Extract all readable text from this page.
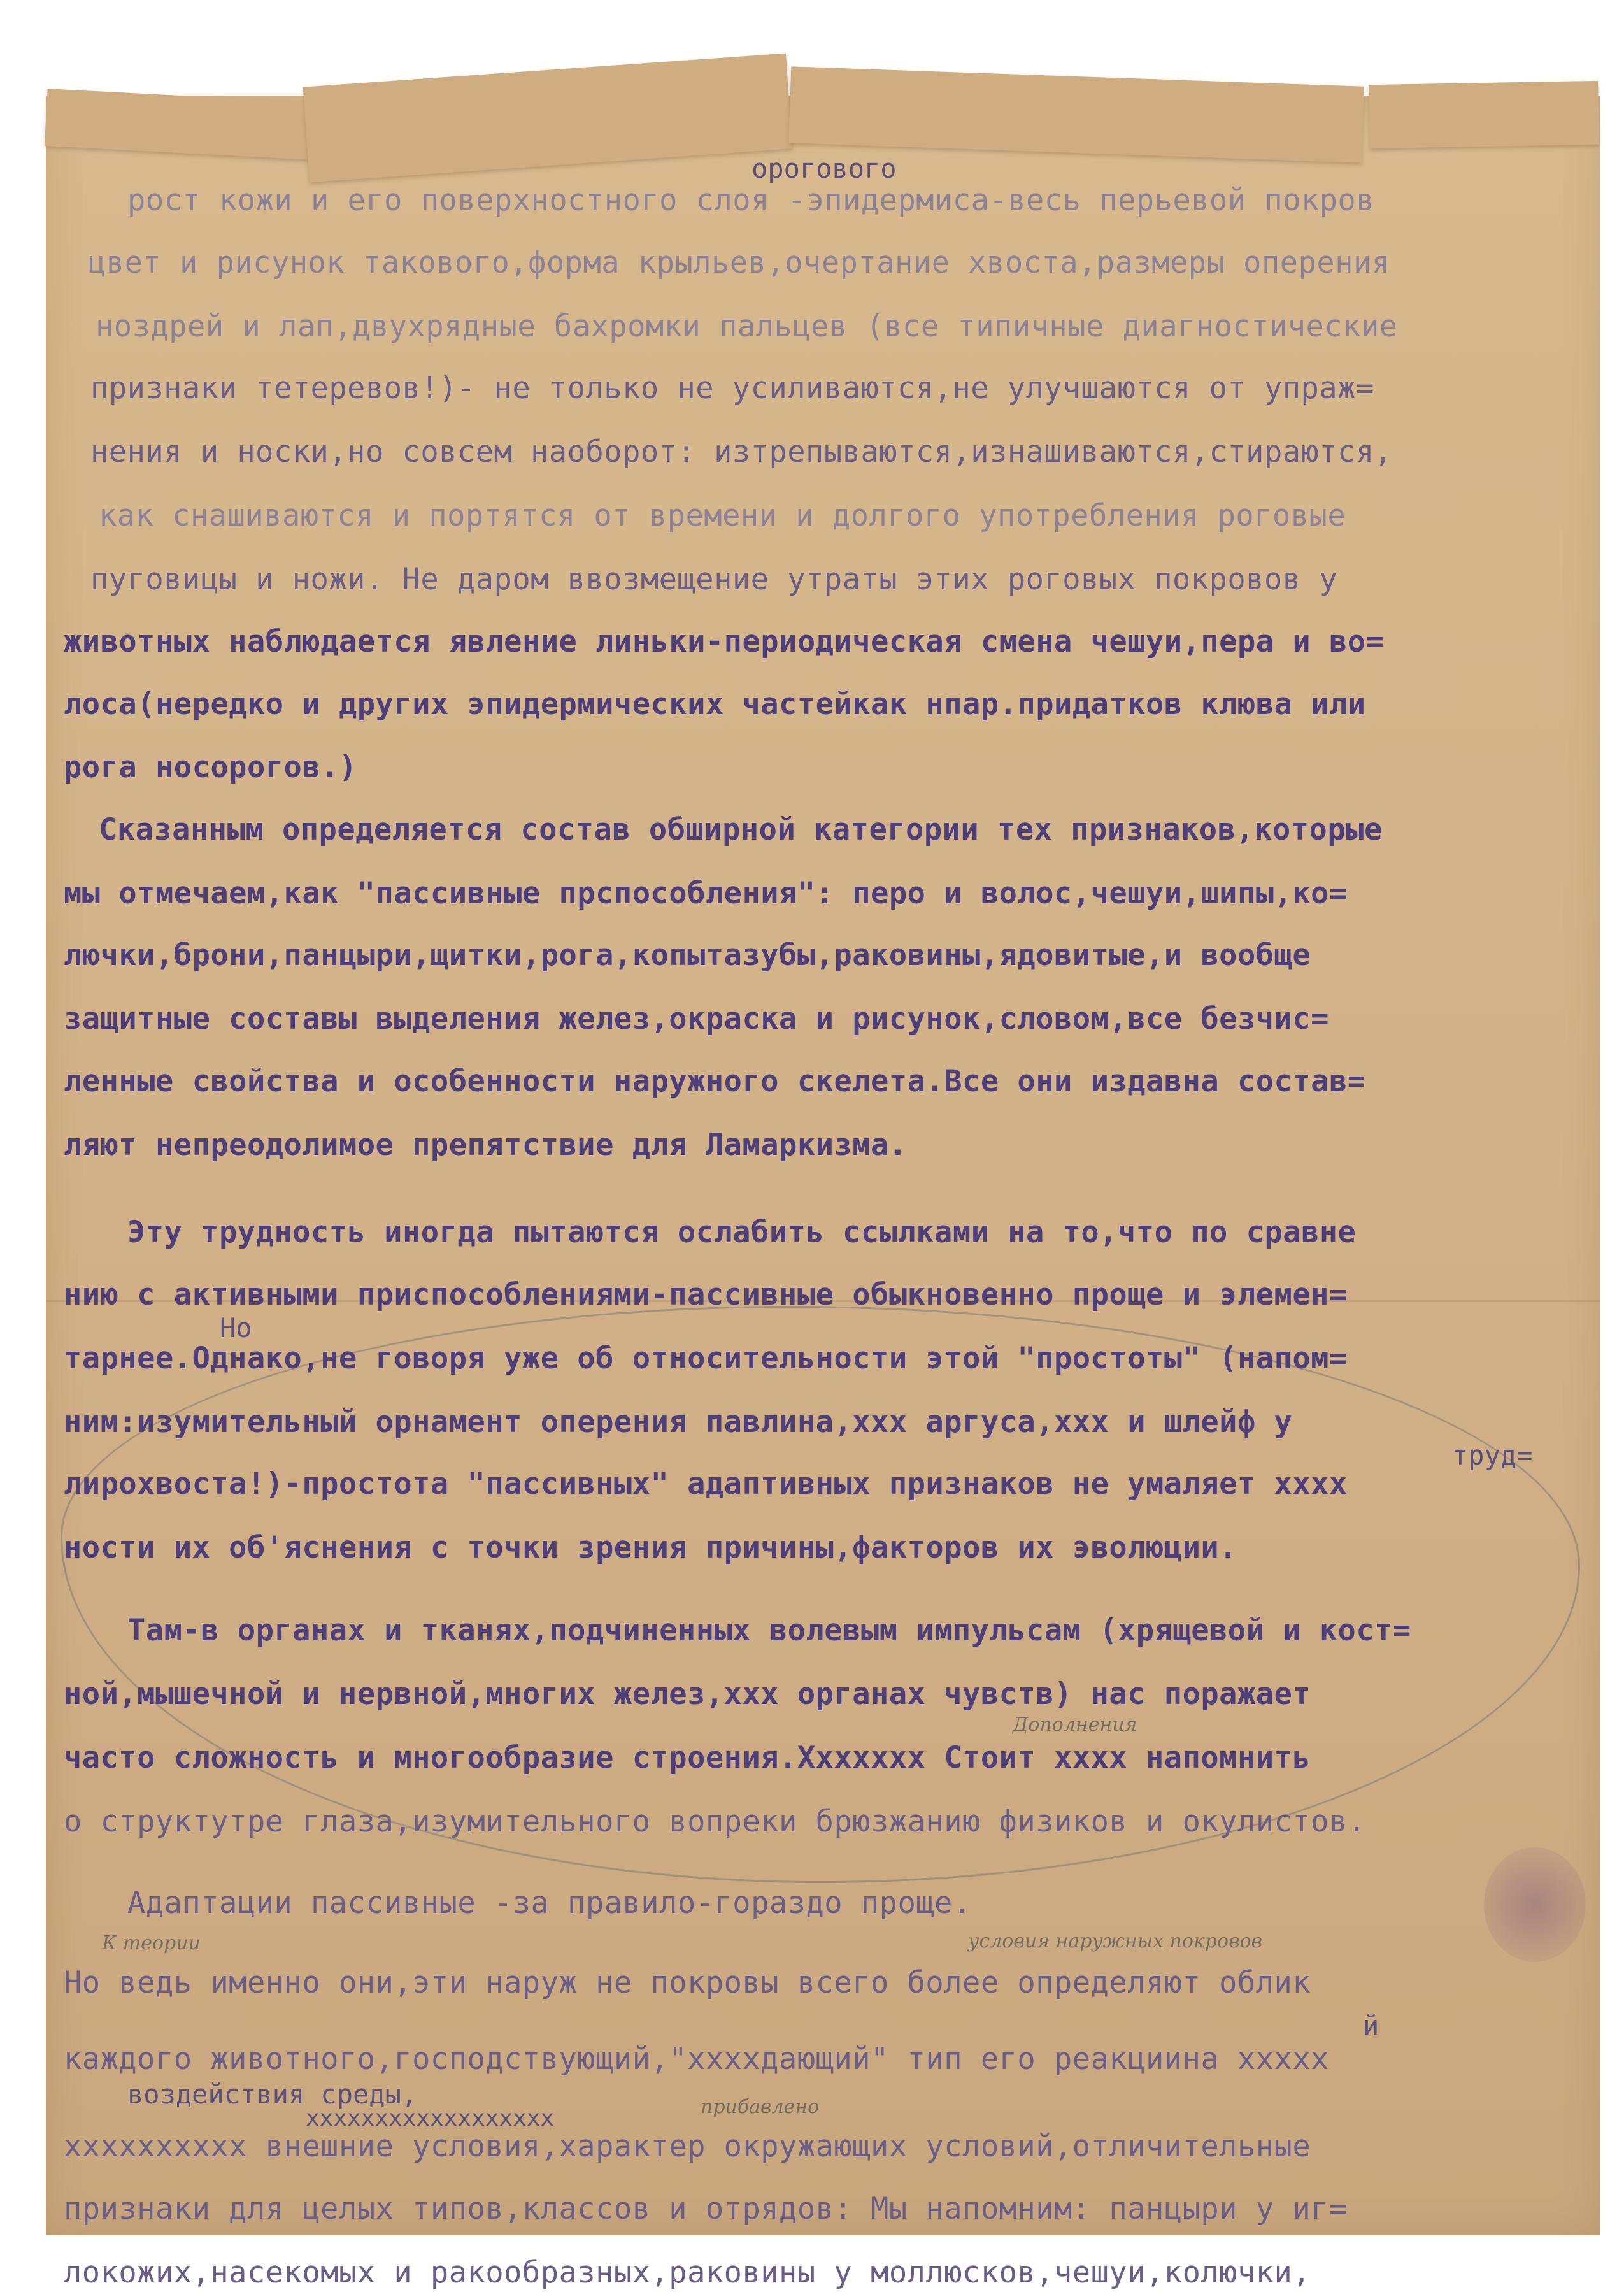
орогового
рост кожи и его поверхностного слоя -эпидермиса-весь перьевой покров
цвет и рисунок такового,форма крыльев,очертание хвоста,размеры оперения
ноздрей и лап,двухрядные бахромки пальцев (все типичные диагностические
признаки тетеревов!)- не только не усиливаются,не улучшаются от упраж=
нения и носки,но совсем наоборот: изтрепываются,изнашиваются,стираются,
как снашиваются и портятся от времени и долгого употребления роговые
пуговицы и ножи. Не даром ввозмещение утраты этих роговых покровов у
животных наблюдается явление линьки-периодическая смена чешуи,пера и во=
лоса(нередко и других эпидермических частейкак нпар.придатков клюва или
рога носорогов.)
Сказанным определяется состав обширной категории тех признаков,которые
мы отмечаем,как "пассивные прспособления": перо и волос,чешуи,шипы,ко=
лючки,брони,панцыри,щитки,рога,копытазубы,раковины,ядовитые,и вообще
защитные составы выделения желез,окраска и рисунок,словом,все безчис=
ленные свойства и особенности наружного скелета.Все они издавна состав=
ляют непреодолимое препятствие для Ламаркизма.
Эту трудность иногда пытаются ослабить ссылками на то,что по сравне
нию с активными приспособлениями-пассивные обыкновенно проще и элемен=
Но
тарнее.Однако,не говоря уже об относительности этой "простоты" (напом=
ним:изумительный орнамент оперения павлина,ххх аргуса,ххх и шлейф у
труд=
лирохвоста!)-простота "пассивных" адаптивных признаков не умаляет хххх
ности их об'яснения с точки зрения причины,факторов их эволюции.
Там-в органах и тканях,подчиненных волевым импульсам (хрящевой и кост=
ной,мышечной и нервной,многих желез,ххх органах чувств) нас поражает
Дополнения
часто сложность и многообразие строения.Ххххххх Стоит хххх напомнить
о структутре глаза,изумительного вопреки брюзжанию физиков и окулистов.
Адаптации пассивные -за правило-гораздо проще.
К теории	условия наружных покровов
Но ведь именно они,эти наруж не покровы всего более определяют облик
й
каждого животного,господствующий,"ххххдающий" тип его реакциина ххххх
воздействия среды,
хххххххххххххххххх	прибавлено
хххххххххх внешние условия,характер окружающих условий,отличительные
признаки для целых типов,классов и отрядов: Мы напомним: панцыри у иг=
локожих,насекомых и ракообразных,раковины у моллюсков,чешуи,колючки,
